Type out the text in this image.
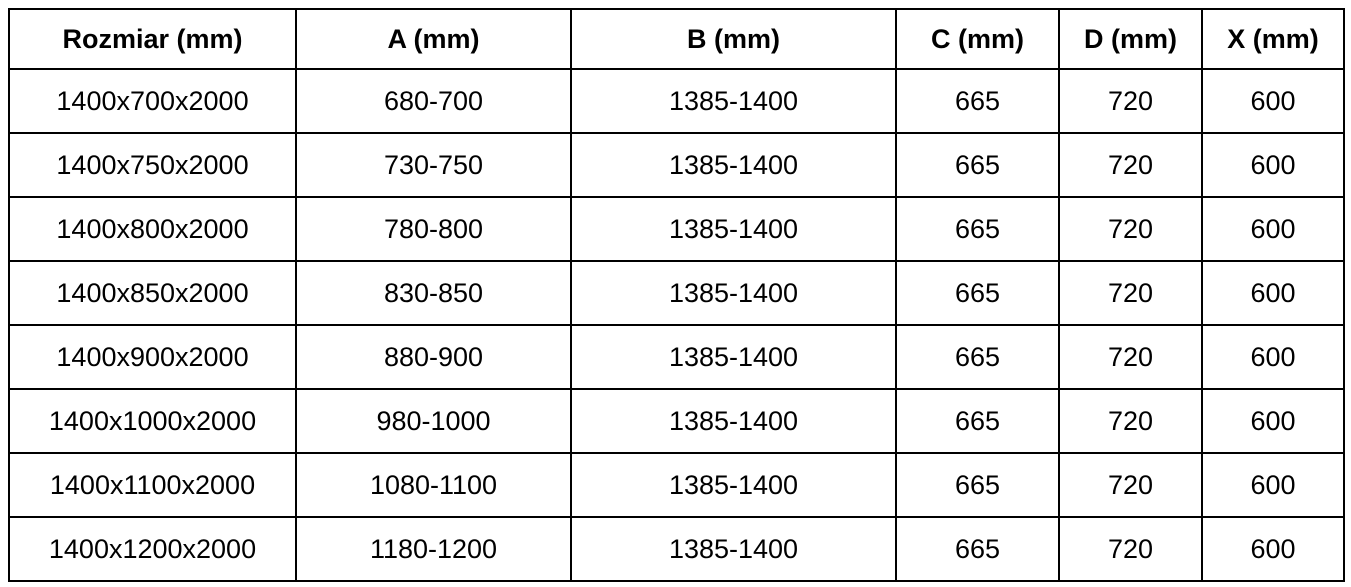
Rozmiar (mm)	A (mm)	B (mm)	C (mm)	D (mm)	X (mm)
1400x700x2000	680-700	1385-1400	665	720	600
1400x750x2000	730-750	1385-1400	665	720	600
1400x800x2000	780-800	1385-1400	665	720	600
1400x850x2000	830-850	1385-1400	665	720	600
1400x900x2000	880-900	1385-1400	665	720	600
1400x1000x2000	980-1000	1385-1400	665	720	600
1400x1100x2000	1080-1100	1385-1400	665	720	600
1400x1200x2000	1180-1200	1385-1400	665	720	600
